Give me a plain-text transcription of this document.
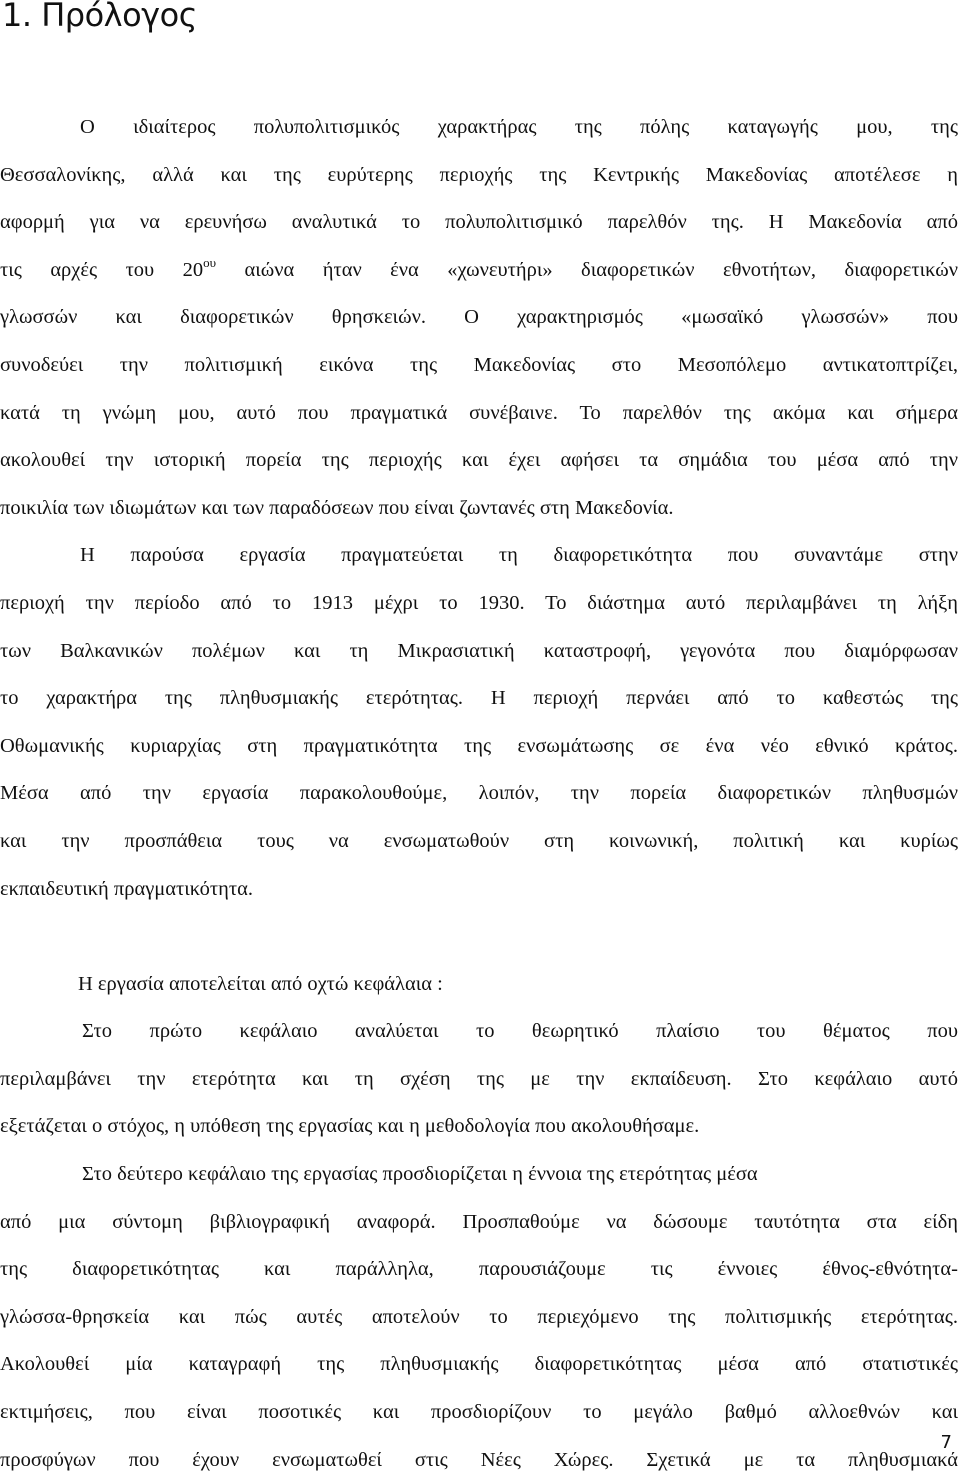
1. Πρόλογος

Ο ιδιαίτερος πολυπολιτισμικός χαρακτήρας της πόλης καταγωγής μου, της
Θεσσαλονίκης, αλλά και της ευρύτερης περιοχής της Κεντρικής Μακεδονίας αποτέλεσε η
αφορμή για να ερευνήσω αναλυτικά το πολυπολιτισμικό παρελθόν της. Η Μακεδονία από
τις αρχές του $20^{o\upsilon}$ αιώνα ήταν ένα «χωνευτήρι» διαφορετικών εθνοτήτων, διαφορετικών
γλωσσών και διαφορετικών θρησκειών. Ο χαρακτηρισμός «μωσαϊκό γλωσσών» που
συνοδεύει την πολιτισμική εικόνα της Μακεδονίας στο Μεσοπόλεμο αντικατοπτρίζει,
κατά τη γνώμη μου, αυτό που πραγματικά συνέβαινε. Το παρελθόν της ακόμα και σήμερα
ακολουθεί την ιστορική πορεία της περιοχής και έχει αφήσει τα σημάδια του μέσα από την
ποικιλία των ιδιωμάτων και των παραδόσεων που είναι ζωντανές στη Μακεδονία.

Η παρούσα εργασία πραγματεύεται τη διαφορετικότητα που συναντάμε στην
περιοχή την περίοδο από το 1913 μέχρι το 1930. Το διάστημα αυτό περιλαμβάνει τη λήξη
των Βαλκανικών πολέμων και τη Μικρασιατική καταστροφή, γεγονότα που διαμόρφωσαν
το χαρακτήρα της πληθυσμιακής ετερότητας. Η περιοχή περνάει από το καθεστώς της
Οθωμανικής κυριαρχίας στη πραγματικότητα της ενσωμάτωσης σε ένα νέο εθνικό κράτος.
Μέσα από την εργασία παρακολουθούμε, λοιπόν, την πορεία διαφορετικών πληθυσμών
και την προσπάθεια τους να ενσωματωθούν στη κοινωνική, πολιτική και κυρίως
εκπαιδευτική πραγματικότητα.

Η εργασία αποτελείται από οχτώ κεφάλαια :

Στο πρώτο κεφάλαιο αναλύεται το θεωρητικό πλαίσιο του θέματος που
περιλαμβάνει την ετερότητα και τη σχέση της με την εκπαίδευση. Στο κεφάλαιο αυτό
εξετάζεται ο στόχος, η υπόθεση της εργασίας και η μεθοδολογία που ακολουθήσαμε.

Στο δεύτερο κεφάλαιο της εργασίας προσδιορίζεται η έννοια της ετερότητας μέσα
από μια σύντομη βιβλιογραφική αναφορά. Προσπαθούμε να δώσουμε ταυτότητα στα είδη
της διαφορετικότητας και παράλληλα, παρουσιάζουμε τις έννοιες έθνος-εθνότητα-
γλώσσα-θρησκεία και πώς αυτές αποτελούν το περιεχόμενο της πολιτισμικής ετερότητας.
Ακολουθεί μία καταγραφή της πληθυσμιακής διαφορετικότητας μέσα από στατιστικές
εκτιμήσεις, που είναι ποσοτικές και προσδιορίζουν το μεγάλο βαθμό αλλοεθνών και
προσφύγων που έχουν ενσωματωθεί στις Νέες Χώρες. Σχετικά με τα πληθυσμιακά

7
